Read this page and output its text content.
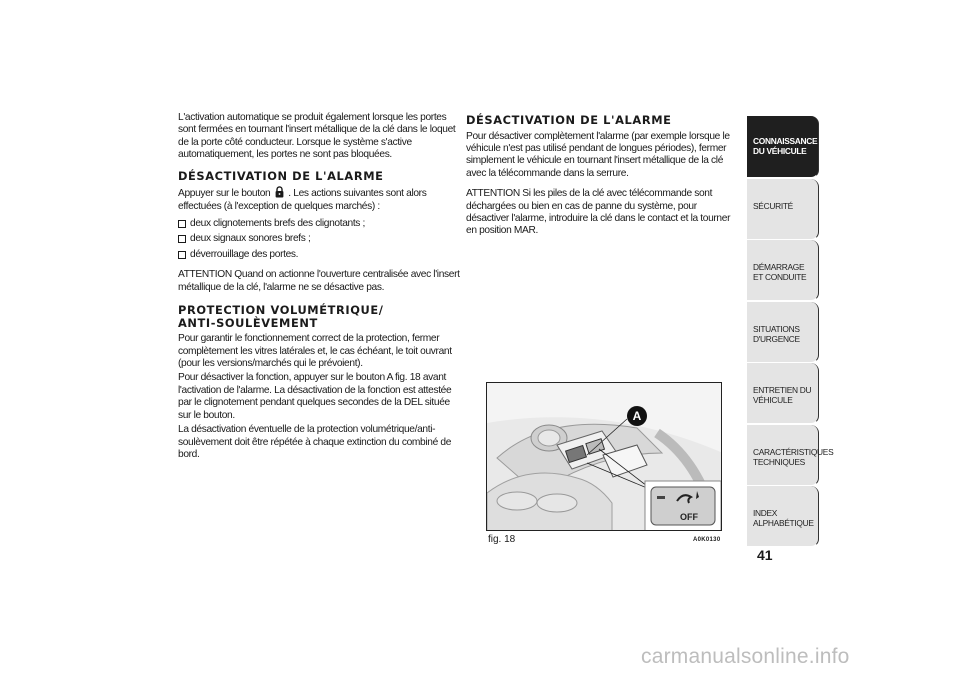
L'activation automatique se produit également lorsque les portes sont fermées en tournant l'insert métallique de la clé dans le loquet de la porte côté conducteur. Lorsque le système s'active automatiquement, les portes ne sont pas bloquées.

DÉSACTIVATION DE L'ALARME

Appuyer sur le bouton . Les actions suivantes sont alors effectuées (à l'exception de quelques marchés) :

deux clignotements brefs des clignotants ;
deux signaux sonores brefs ;
déverrouillage des portes.

ATTENTION Quand on actionne l'ouverture centralisée avec l'insert métallique de la clé, l'alarme ne se désactive pas.

PROTECTION VOLUMÉTRIQUE/
ANTI-SOULÈVEMENT

Pour garantir le fonctionnement correct de la protection, fermer complètement les vitres latérales et, le cas échéant, le toit ouvrant (pour les versions/marchés qui le prévoient).

Pour désactiver la fonction, appuyer sur le bouton A fig. 18 avant l'activation de l'alarme. La désactivation de la fonction est attestée par le clignotement pendant quelques secondes de la DEL située sur le bouton.

La désactivation éventuelle de la protection volumétrique/anti-soulèvement doit être répétée à chaque extinction du combiné de bord.

DÉSACTIVATION DE L'ALARME

Pour désactiver complètement l'alarme (par exemple lorsque le véhicule n'est pas utilisé pendant de longues périodes), fermer simplement le véhicule en tournant l'insert métallique de la clé avec la télécommande dans la serrure.

ATTENTION Si les piles de la clé avec télécommande sont déchargées ou bien en cas de panne du système, pour désactiver l'alarme, introduire la clé dans le contact et la tourner en position MAR.

A
OFF
fig. 18	A0K0130
CONNAISSANCE DU VÉHICULE
SÉCURITÉ
DÉMARRAGE ET CONDUITE
SITUATIONS D'URGENCE
ENTRETIEN DU VÉHICULE
CARACTÉRISTIQUES TECHNIQUES
INDEX ALPHABÉTIQUE
41
carmanualsonline.info
